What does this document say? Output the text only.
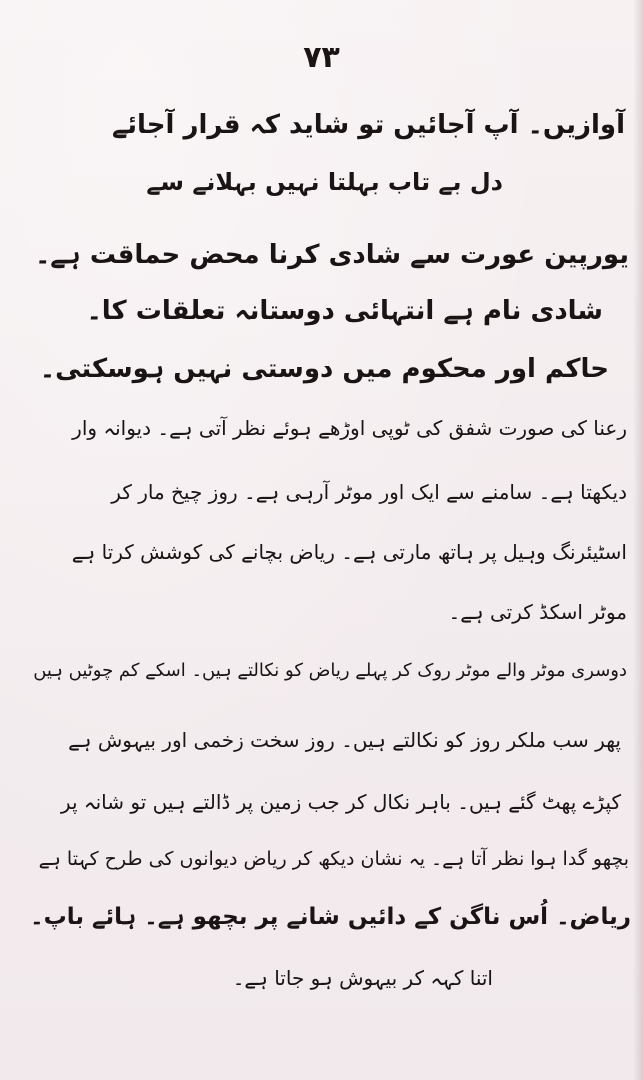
۷۳
آوازیں۔ آپ آجائیں تو شاید کہ قرار آجائے
دل بے تاب بہلتا نہیں بہلانے سے
یورپین عورت سے شادی کرنا محض حماقت ہے۔
شادی نام ہے انتہائی دوستانہ تعلقات کا۔
حاکم اور محکوم میں دوستی نہیں ہوسکتی۔
رعنا کی صورت شفق کی ٹوپی اوڑھے ہوئے نظر آتی ہے۔ دیوانہ وار
دیکھتا ہے۔ سامنے سے ایک اور موٹر آرہی ہے۔ روز چیخ مار کر
اسٹیئرنگ وہیل پر ہاتھ مارتی ہے۔ ریاض بچانے کی کوشش کرتا ہے
موٹر اسکڈ کرتی ہے۔
دوسری موٹر والے موٹر روک کر پہلے ریاض کو نکالتے ہیں۔ اسکے کم چوٹیں ہیں
پھر سب ملکر روز کو نکالتے ہیں۔ روز سخت زخمی اور بیہوش ہے
کپڑے پھٹ گئے ہیں۔ باہر نکال کر جب زمین پر ڈالتے ہیں تو شانہ پر
بچھو گدا ہوا نظر آتا ہے۔ یہ نشان دیکھ کر ریاض دیوانوں کی طرح کہتا ہے
ریاض۔ اُس ناگن کے دائیں شانے پر بچھو ہے۔ ہائے باپ۔
اتنا کہہ کر بیہوش ہو جاتا ہے۔
